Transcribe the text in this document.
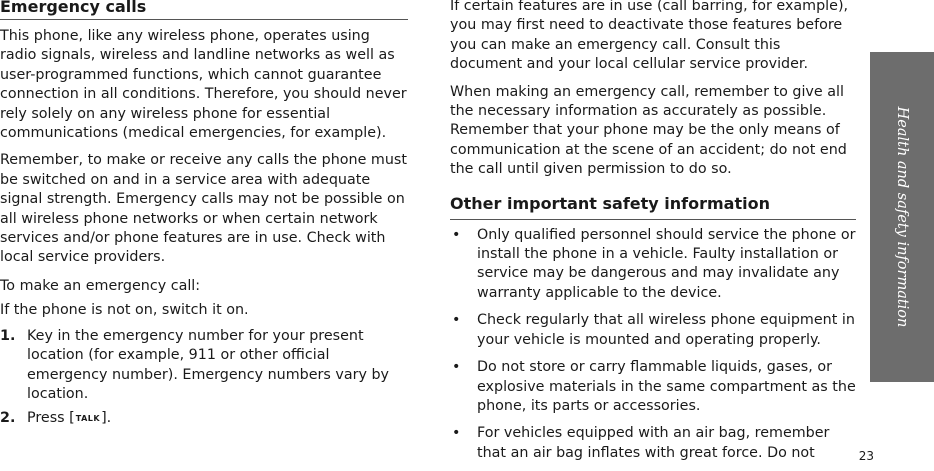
Emergency calls

This phone, like any wireless phone, operates using radio signals, wireless and landline networks as well as user-programmed functions, which cannot guarantee connection in all conditions. Therefore, you should never rely solely on any wireless phone for essential communications (medical emergencies, for example).

Remember, to make or receive any calls the phone must be switched on and in a service area with adequate signal strength. Emergency calls may not be possible on all wireless phone networks or when certain network services and/or phone features are in use. Check with local service providers.

To make an emergency call:

If the phone is not on, switch it on.

1. Key in the emergency number for your present location (for example, 911 or other official emergency number). Emergency numbers vary by location.
2. Press [TALK].

If certain features are in use (call barring, for example), you may first need to deactivate those features before you can make an emergency call. Consult this document and your local cellular service provider.

When making an emergency call, remember to give all the necessary information as accurately as possible. Remember that your phone may be the only means of communication at the scene of an accident; do not end the call until given permission to do so.

Other important safety information
•	Only qualified personnel should service the phone or install the phone in a vehicle. Faulty installation or service may be dangerous and may invalidate any warranty applicable to the device.
•	Check regularly that all wireless phone equipment in your vehicle is mounted and operating properly.
•	Do not store or carry flammable liquids, gases, or explosive materials in the same compartment as the phone, its parts or accessories.
•	For vehicles equipped with an air bag, remember that an air bag inflates with great force. Do not
Health and safety information
23
